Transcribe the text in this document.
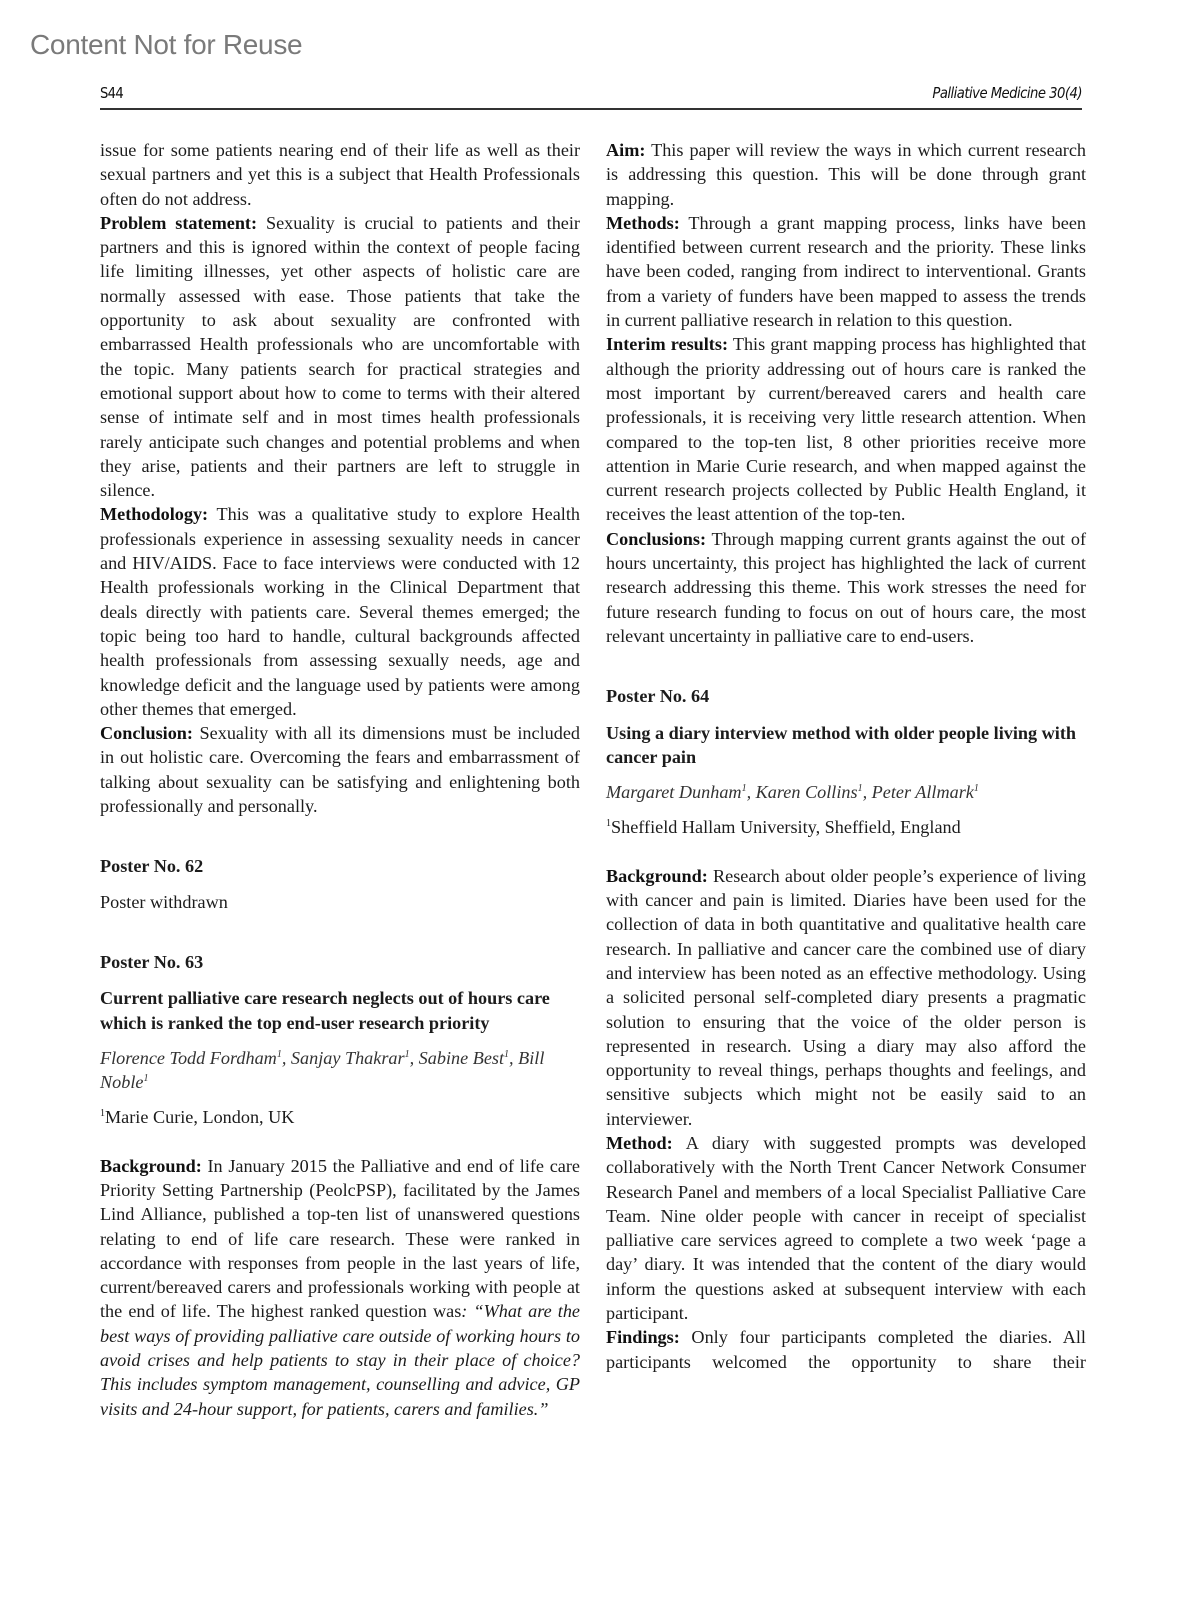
Content Not for Reuse
S44	Palliative Medicine 30(4)

issue for some patients nearing end of their life as well as their sexual partners and yet this is a subject that Health Professionals often do not address.

Problem statement: Sexuality is crucial to patients and their partners and this is ignored within the context of people facing life limiting illnesses, yet other aspects of holistic care are normally assessed with ease. Those patients that take the opportunity to ask about sexuality are confronted with embarrassed Health professionals who are uncomfortable with the topic. Many patients search for practical strategies and emotional support about how to come to terms with their altered sense of intimate self and in most times health professionals rarely anticipate such changes and potential problems and when they arise, patients and their partners are left to struggle in silence.

Methodology: This was a qualitative study to explore Health professionals experience in assessing sexuality needs in cancer and HIV/AIDS. Face to face interviews were conducted with 12 Health professionals working in the Clinical Department that deals directly with patients care. Several themes emerged; the topic being too hard to handle, cultural backgrounds affected health professionals from assessing sexually needs, age and knowledge deficit and the language used by patients were among other themes that emerged.

Conclusion: Sexuality with all its dimensions must be included in out holistic care. Overcoming the fears and embarrassment of talking about sexuality can be satisfying and enlightening both professionally and personally.

Poster No. 62

Poster withdrawn

Poster No. 63

Current palliative care research neglects out of hours care which is ranked the top end-user research priority

Florence Todd Fordham$^1$, Sanjay Thakrar$^1$, Sabine Best$^1$, Bill Noble$^1$

$^1$Marie Curie, London, UK

Background: In January 2015 the Palliative and end of life care Priority Setting Partnership (PeolcPSP), facilitated by the James Lind Alliance, published a top-ten list of unanswered questions relating to end of life care research. These were ranked in accordance with responses from people in the last years of life, current/bereaved carers and professionals working with people at the end of life. The highest ranked question was: “What are the best ways of providing palliative care outside of working hours to avoid crises and help patients to stay in their place of choice? This includes symptom management, counselling and advice, GP visits and 24-hour support, for patients, carers and families.”

Aim: This paper will review the ways in which current research is addressing this question. This will be done through grant mapping.

Methods: Through a grant mapping process, links have been identified between current research and the priority. These links have been coded, ranging from indirect to interventional. Grants from a variety of funders have been mapped to assess the trends in current palliative research in relation to this question.

Interim results: This grant mapping process has highlighted that although the priority addressing out of hours care is ranked the most important by current/bereaved carers and health care professionals, it is receiving very little research attention. When compared to the top-ten list, 8 other priorities receive more attention in Marie Curie research, and when mapped against the current research projects collected by Public Health England, it receives the least attention of the top-ten.

Conclusions: Through mapping current grants against the out of hours uncertainty, this project has highlighted the lack of current research addressing this theme. This work stresses the need for future research funding to focus on out of hours care, the most relevant uncertainty in palliative care to end-users.

Poster No. 64

Using a diary interview method with older people living with cancer pain

Margaret Dunham$^1$, Karen Collins$^1$, Peter Allmark$^1$

$^1$Sheffield Hallam University, Sheffield, England

Background: Research about older people’s experience of living with cancer and pain is limited. Diaries have been used for the collection of data in both quantitative and qualitative health care research. In palliative and cancer care the combined use of diary and interview has been noted as an effective methodology. Using a solicited personal self-completed diary presents a pragmatic solution to ensuring that the voice of the older person is represented in research. Using a diary may also afford the opportunity to reveal things, perhaps thoughts and feelings, and sensitive subjects which might not be easily said to an interviewer.

Method: A diary with suggested prompts was developed collaboratively with the North Trent Cancer Network Consumer Research Panel and members of a local Specialist Palliative Care Team. Nine older people with cancer in receipt of specialist palliative care services agreed to complete a two week ‘page a day’ diary. It was intended that the content of the diary would inform the questions asked at subsequent interview with each participant.

Findings: Only four participants completed the diaries. All participants welcomed the opportunity to share their
